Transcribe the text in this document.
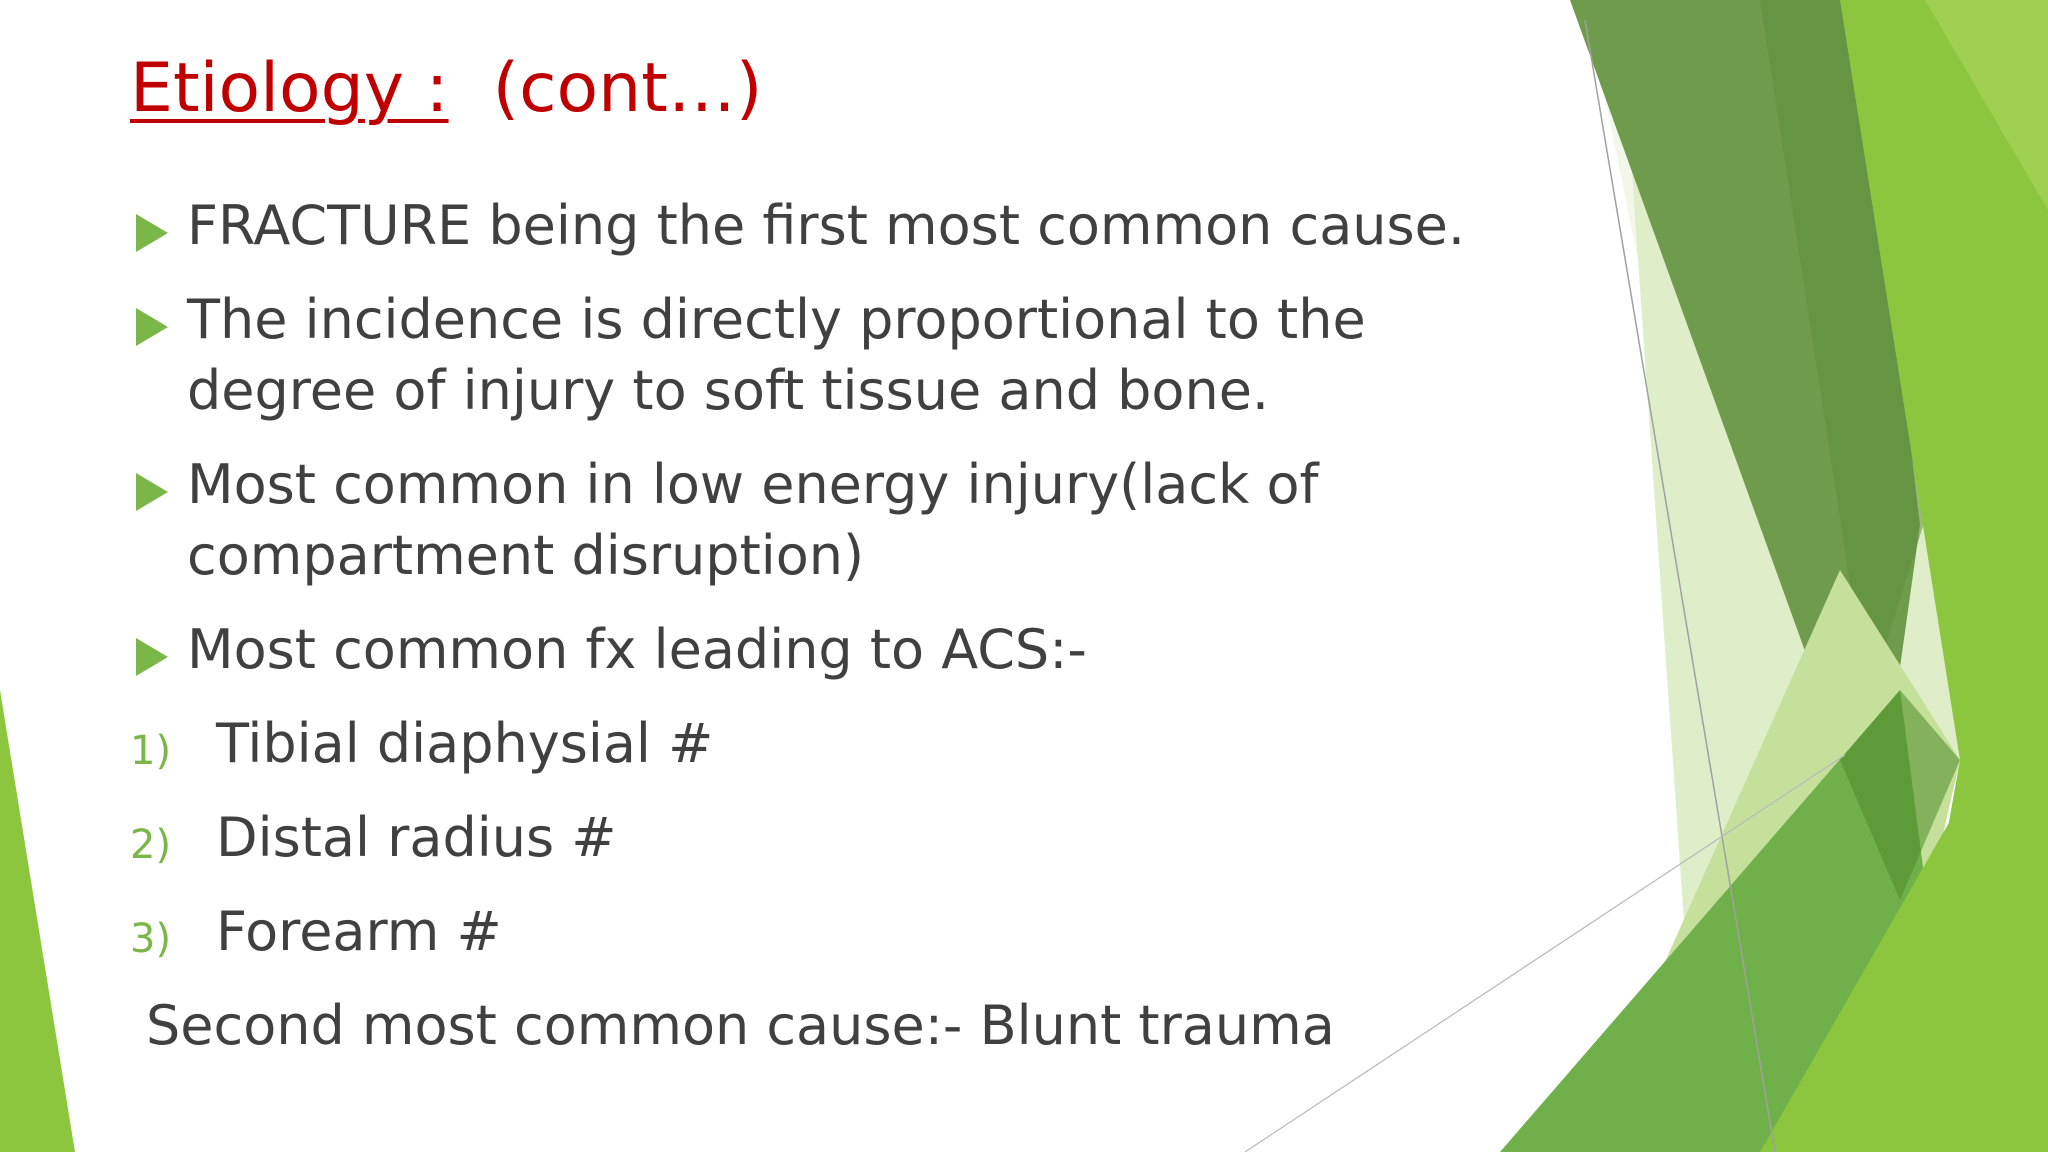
Etiology : (cont…)
FRACTURE being the first most common cause.
The incidence is directly proportional to the degree of injury to soft tissue and bone.
Most common in low energy injury(lack of compartment disruption)
Most common fx leading to ACS:-
1) Tibial diaphysial #
2) Distal radius #
3) Forearm #
Second most common cause:- Blunt trauma
